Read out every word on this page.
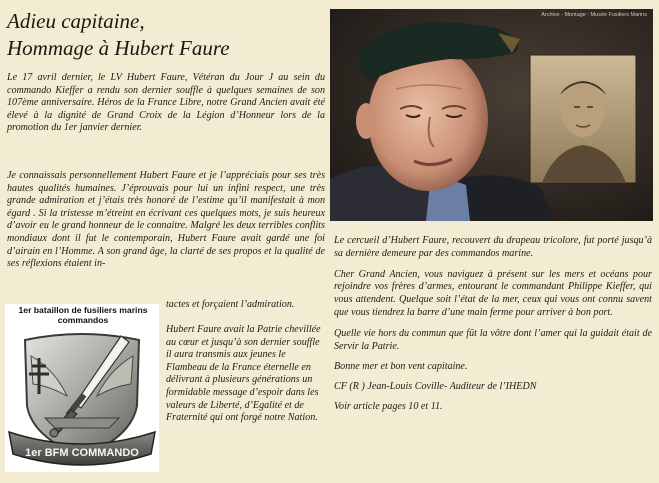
Adieu capitaine,
Hommage à Hubert Faure

Le 17 avril dernier, le LV Hubert Faure, Vétéran du Jour J au sein du commando Kieffer a rendu son dernier souffle à quelques semaines de son 107ème anniversaire. Héros de la France Libre, notre Grand Ancien avait été élevé à la dignité de Grand Croix de la Légion d’Honneur lors de la promotion du 1er janvier dernier.

Je connaissais personnellement Hubert Faure et je l’appréciais pour ses très hautes qualités humaines. J’éprouvais pour lui un infini respect, une très grande admiration et j’étais très honoré de l’estime qu’il manifestait à mon égard . Si la tristesse m’étreint en écrivant ces quelques mots, je suis heureux d’avoir eu le grand honneur de le connaitre. Malgré les deux terribles conflits mondiaux dont il fut le contemporain, Hubert Faure avait gardé une foi d’airain en l’Homme. A son grand âge, la clarté de ses propos et la qualité de ses réflexions étaient in-

tactes et forçaient l’admiration.

Hubert Faure avait la Patrie chevillée au cœur et jusqu’à son dernier souffle il aura transmis aux jeunes le Flambeau de la France éternelle en délivrant à plusieurs générations un formidable message d’espoir dans les valeurs de Liberté, d’Egalité et de Fraternité qui ont forgé notre Nation.

1er bataillon de fusiliers marins
commandos
1er BFM COMMANDO
Archive - Montage : Musée Fusiliers Marins

Le cercueil d’Hubert Faure, recouvert du drapeau tricolore, fut porté jusqu’à sa dernière demeure par des commandos marine.

Cher Grand Ancien, vous naviguez à présent sur les mers et océans pour rejoindre vos frères d’armes, entourant le commandant Philippe Kieffer, qui vous attendent. Quelque soit l’état de la mer, ceux qui vous ont connu savent que vous tiendrez la barre d’une main ferme pour arriver à bon port.

Quelle vie hors du commun que fût la vôtre dont l’amer qui la guidait était de Servir la Patrie.

Bonne mer et bon vent capitaine.

CF (R ) Jean-Louis Coville- Auditeur de l’IHEDN

Voir article pages 10 et 11.
